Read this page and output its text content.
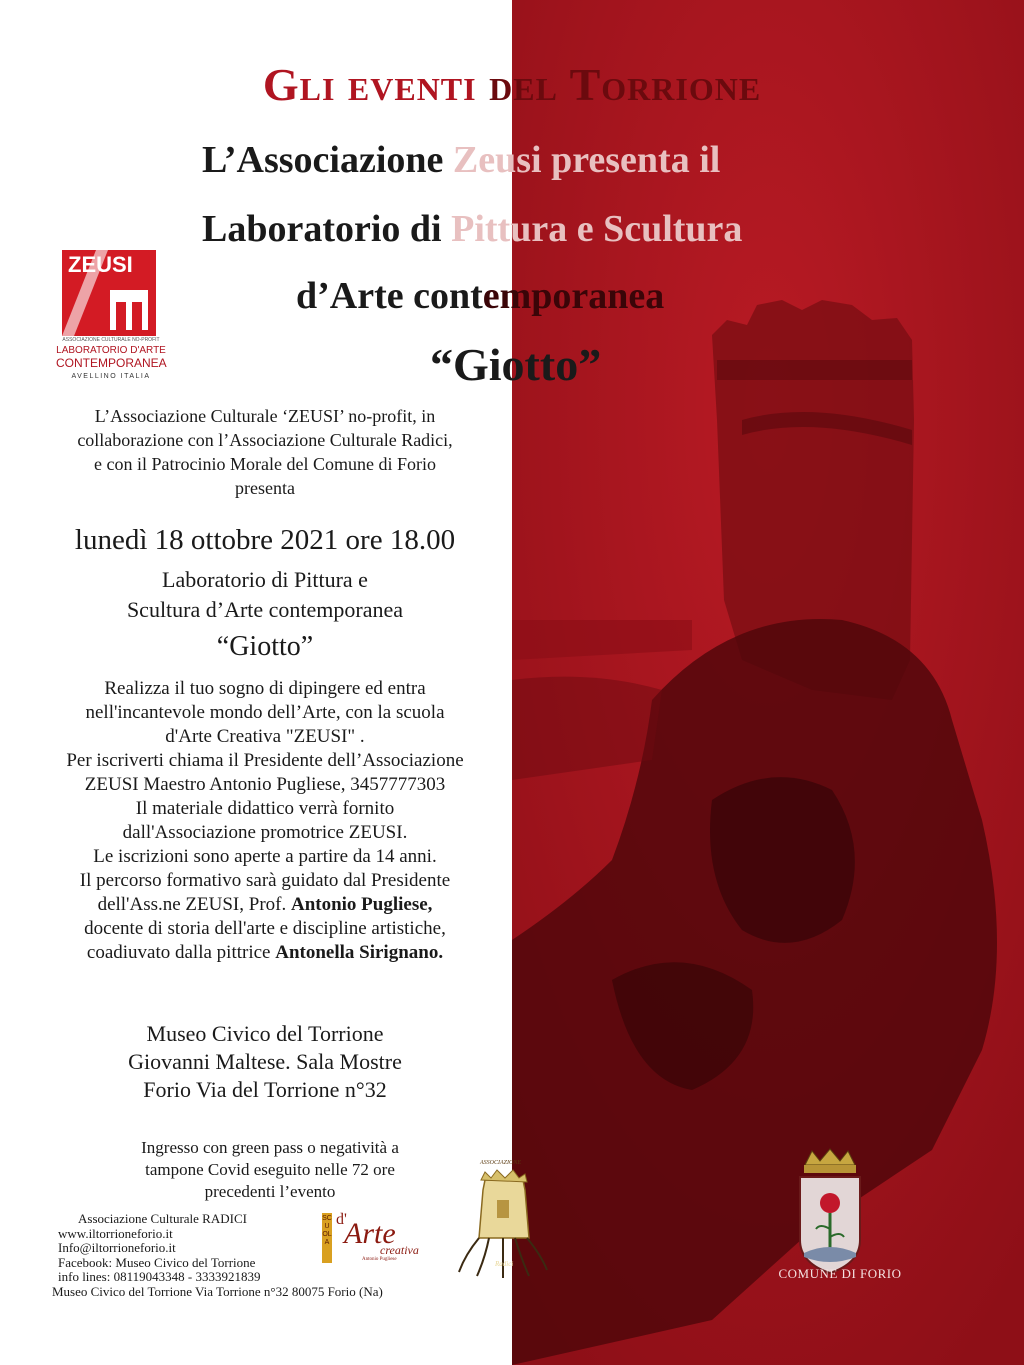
Gli eventi del Torrione
L’Associazione Zeusi presenta il
Laboratorio di Pittura e Scultura
d’Arte contemporanea
“Giotto”
ZEUSI
ASSOCIAZIONE CULTURALE NO-PROFIT
LABORATORIO D'ARTE
CONTEMPORANEA
AVELLINO ITALIA
L’Associazione Culturale ‘ZEUSI’ no-profit, in
collaborazione con l’Associazione Culturale Radici,
e con il Patrocinio Morale del Comune di Forio
presenta
lunedì 18 ottobre 2021 ore 18.00
Laboratorio di Pittura e
Scultura d’Arte contemporanea
“Giotto”
Realizza il tuo sogno di dipingere ed entra
nell'incantevole mondo dell’Arte, con la scuola
d'Arte Creativa "ZEUSI" .
Per iscriverti chiama il Presidente dell’Associazione
ZEUSI Maestro Antonio Pugliese, 3457777303
Il materiale didattico verrà fornito
dall'Associazione promotrice ZEUSI.
Le iscrizioni sono aperte a partire da 14 anni.
Il percorso formativo sarà guidato dal Presidente
dell'Ass.ne ZEUSI, Prof. Antonio Pugliese,
docente di storia dell'arte e discipline artistiche,
coadiuvato dalla pittrice Antonella Sirignano.
Museo Civico del Torrione
Giovanni Maltese. Sala Mostre
Forio Via del Torrione n°32
Ingresso con green pass o negatività a
tampone Covid eseguito nelle 72 ore
precedenti l’evento
Associazione Culturale RADICI
www.iltorrioneforio.it
Info@iltorrioneforio.it
Facebook: Museo Civico del Torrione
info lines: 08119043348 - 3333921839
Museo Civico del Torrione Via Torrione n°32 80075 Forio (Na)
SCUOLA
d'
Arte
creativa
Antonio Pugliese
ASSOCIAZIONE
Radici
COMUNE DI FORIO
